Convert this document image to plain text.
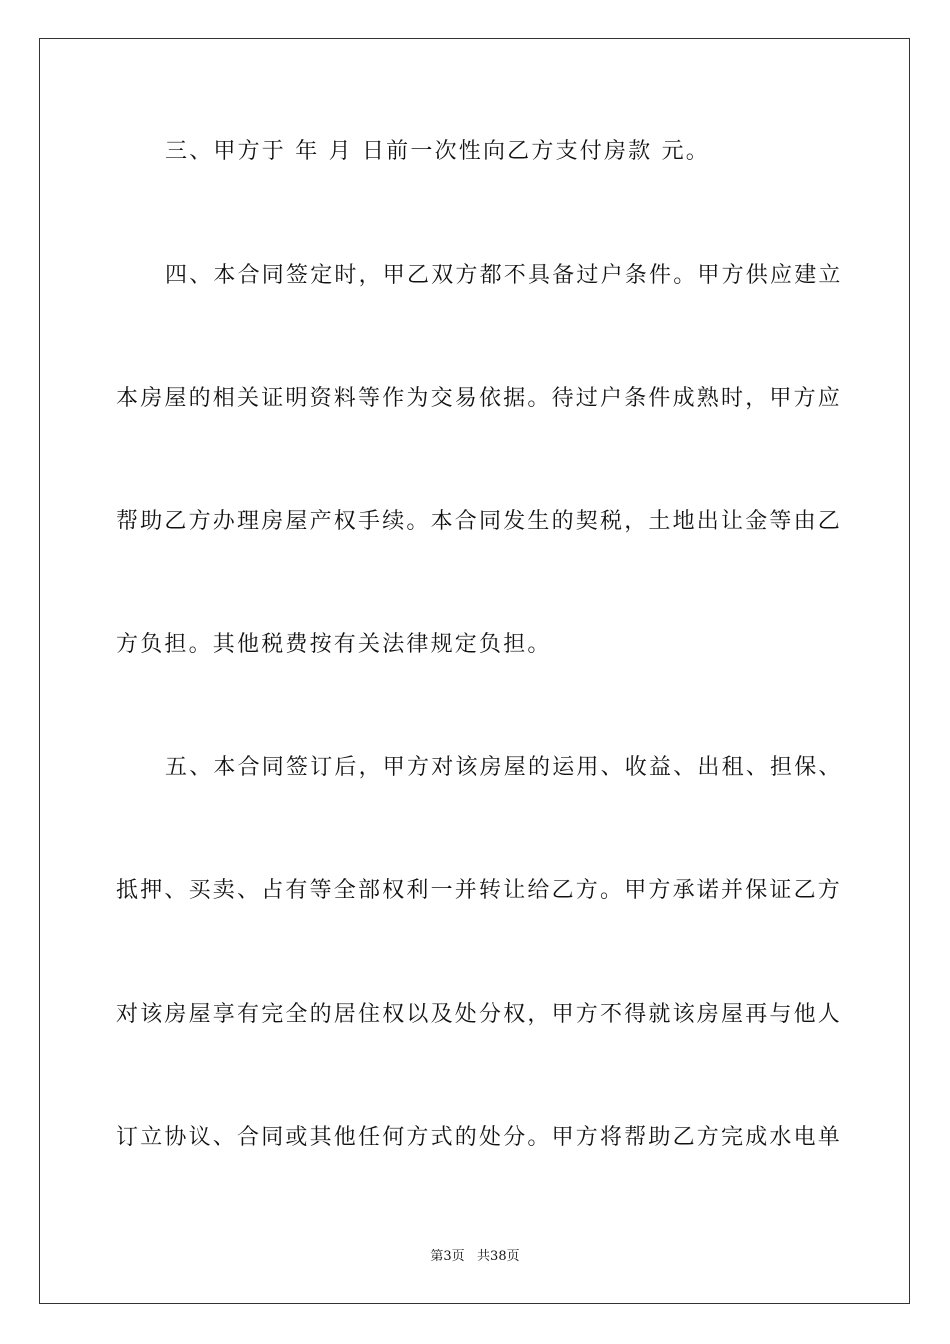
三、甲方于 年 月 日前一次性向乙方支付房款 元。
四、本合同签定时，甲乙双方都不具备过户条件。甲方供应建立
本房屋的相关证明资料等作为交易依据。待过户条件成熟时，甲方应
帮助乙方办理房屋产权手续。本合同发生的契税，土地出让金等由乙
方负担。其他税费按有关法律规定负担。
五、本合同签订后，甲方对该房屋的运用、收益、出租、担保、
抵押、买卖、占有等全部权利一并转让给乙方。甲方承诺并保证乙方
对该房屋享有完全的居住权以及处分权，甲方不得就该房屋再与他人
订立协议、合同或其他任何方式的处分。甲方将帮助乙方完成水电单
第3页   共38页
